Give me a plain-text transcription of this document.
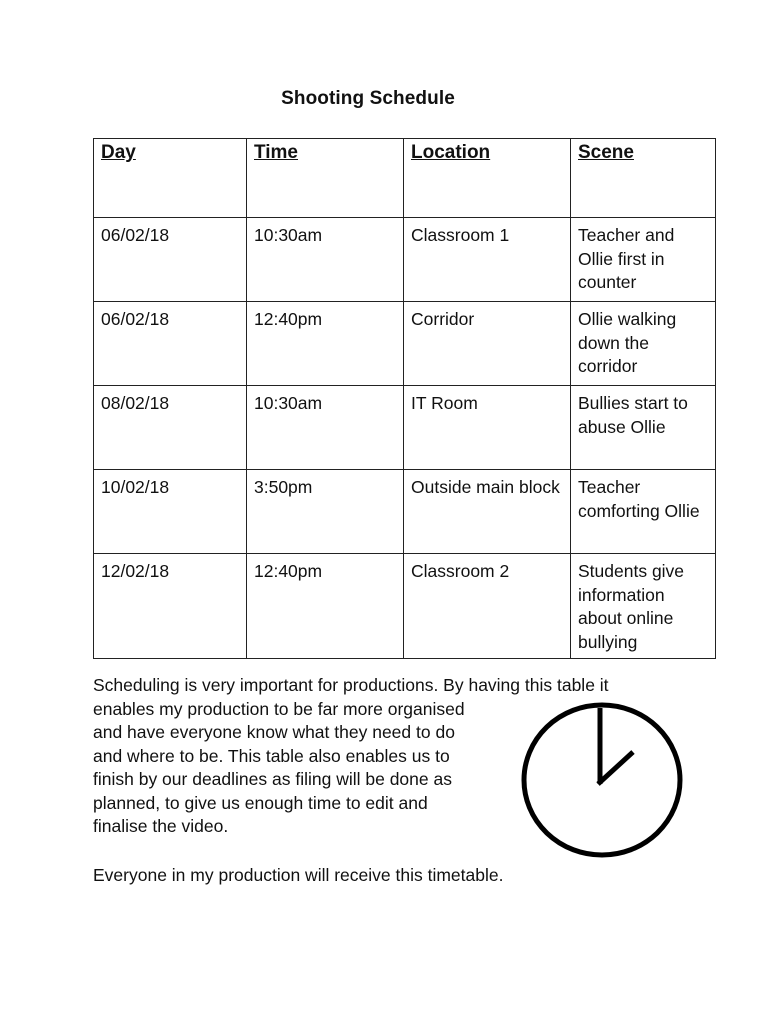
Shooting Schedule
Day	Time	Location	Scene
06/02/18	10:30am	Classroom 1	Teacher and Ollie first in counter
06/02/18	12:40pm	Corridor	Ollie walking down the corridor
08/02/18	10:30am	IT Room	Bullies start to abuse Ollie
10/02/18	3:50pm	Outside main block	Teacher comforting Ollie
12/02/18	12:40pm	Classroom 2	Students give information about online bullying
Scheduling is very important for productions. By having this table it
enables my production to be far more organised
and have everyone know what they need to do
and where to be. This table also enables us to
finish by our deadlines as filing will be done as
planned, to give us enough time to edit and
finalise the video.
Everyone in my production will receive this timetable.
